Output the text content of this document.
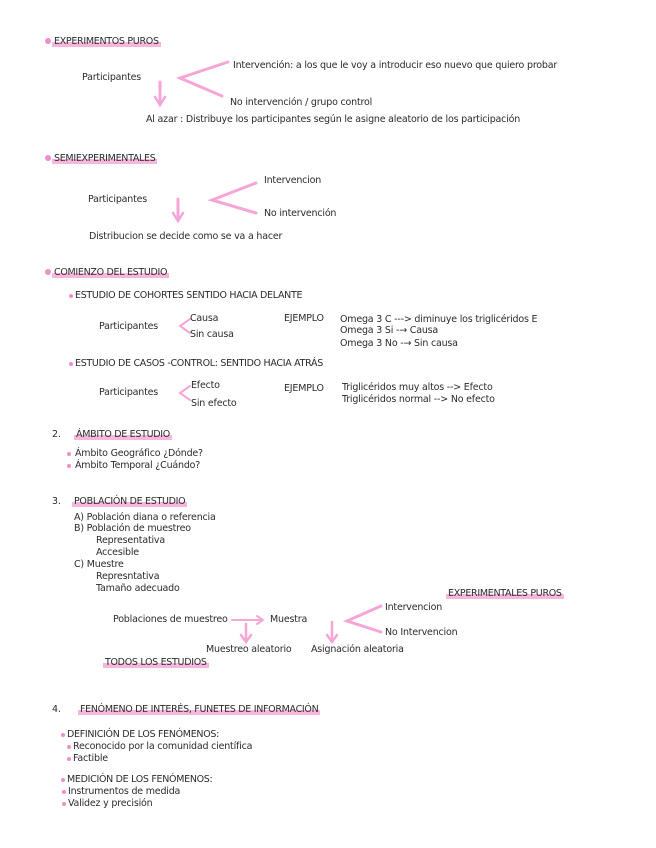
EXPERIMENTOS PUROS
Participantes
Intervención: a los que le voy a introducir eso nuevo que quiero probar
No intervención / grupo control
Al azar : Distribuye los participantes según le asigne aleatorio de los participación
SEMIEXPERIMENTALES
Participantes
Intervencion
No intervención
Distribucion se decide como se va a hacer
COMIENZO DEL ESTUDIO
ESTUDIO DE COHORTES SENTIDO HACIA DELANTE
Participantes
Causa
Sin causa
EJEMPLO Omega 3 C ---> diminuye los triglicéridos E
Omega 3 Si -→ Causa
Omega 3 No -→ Sin causa
ESTUDIO DE CASOS -CONTROL: SENTIDO HACIA ATRÁS
Participantes
Efecto
Sin efecto
EJEMPLO Triglicéridos muy altos --> Efecto
Triglicéridos normal --> No efecto
2. ÁMBITO DE ESTUDIO
Ámbito Geográfico ¿Dónde?
Ámbito Temporal ¿Cuándo?
3. POBLACIÓN DE ESTUDIO
A) Población diana o referencia
B) Población de muestreo
Representativa
Accesible
C) Muestre
Represntativa
Tamaño adecuado	EXPERIMENTALES PUROS
Poblaciones de muestreo	Muestra
Intervencion
No Intervencion
Muestreo aleatorio Asignación aleatoria
TODOS LOS ESTUDIOS
4. FENÓMENO DE INTERÉS, FUNETES DE INFORMACIÓN
DEFINICIÓN DE LOS FENÓMENOS:
Reconocido por la comunidad científica
Factible
MEDICIÓN DE LOS FENÓMENOS:
Instrumentos de medida
Validez y precisión
